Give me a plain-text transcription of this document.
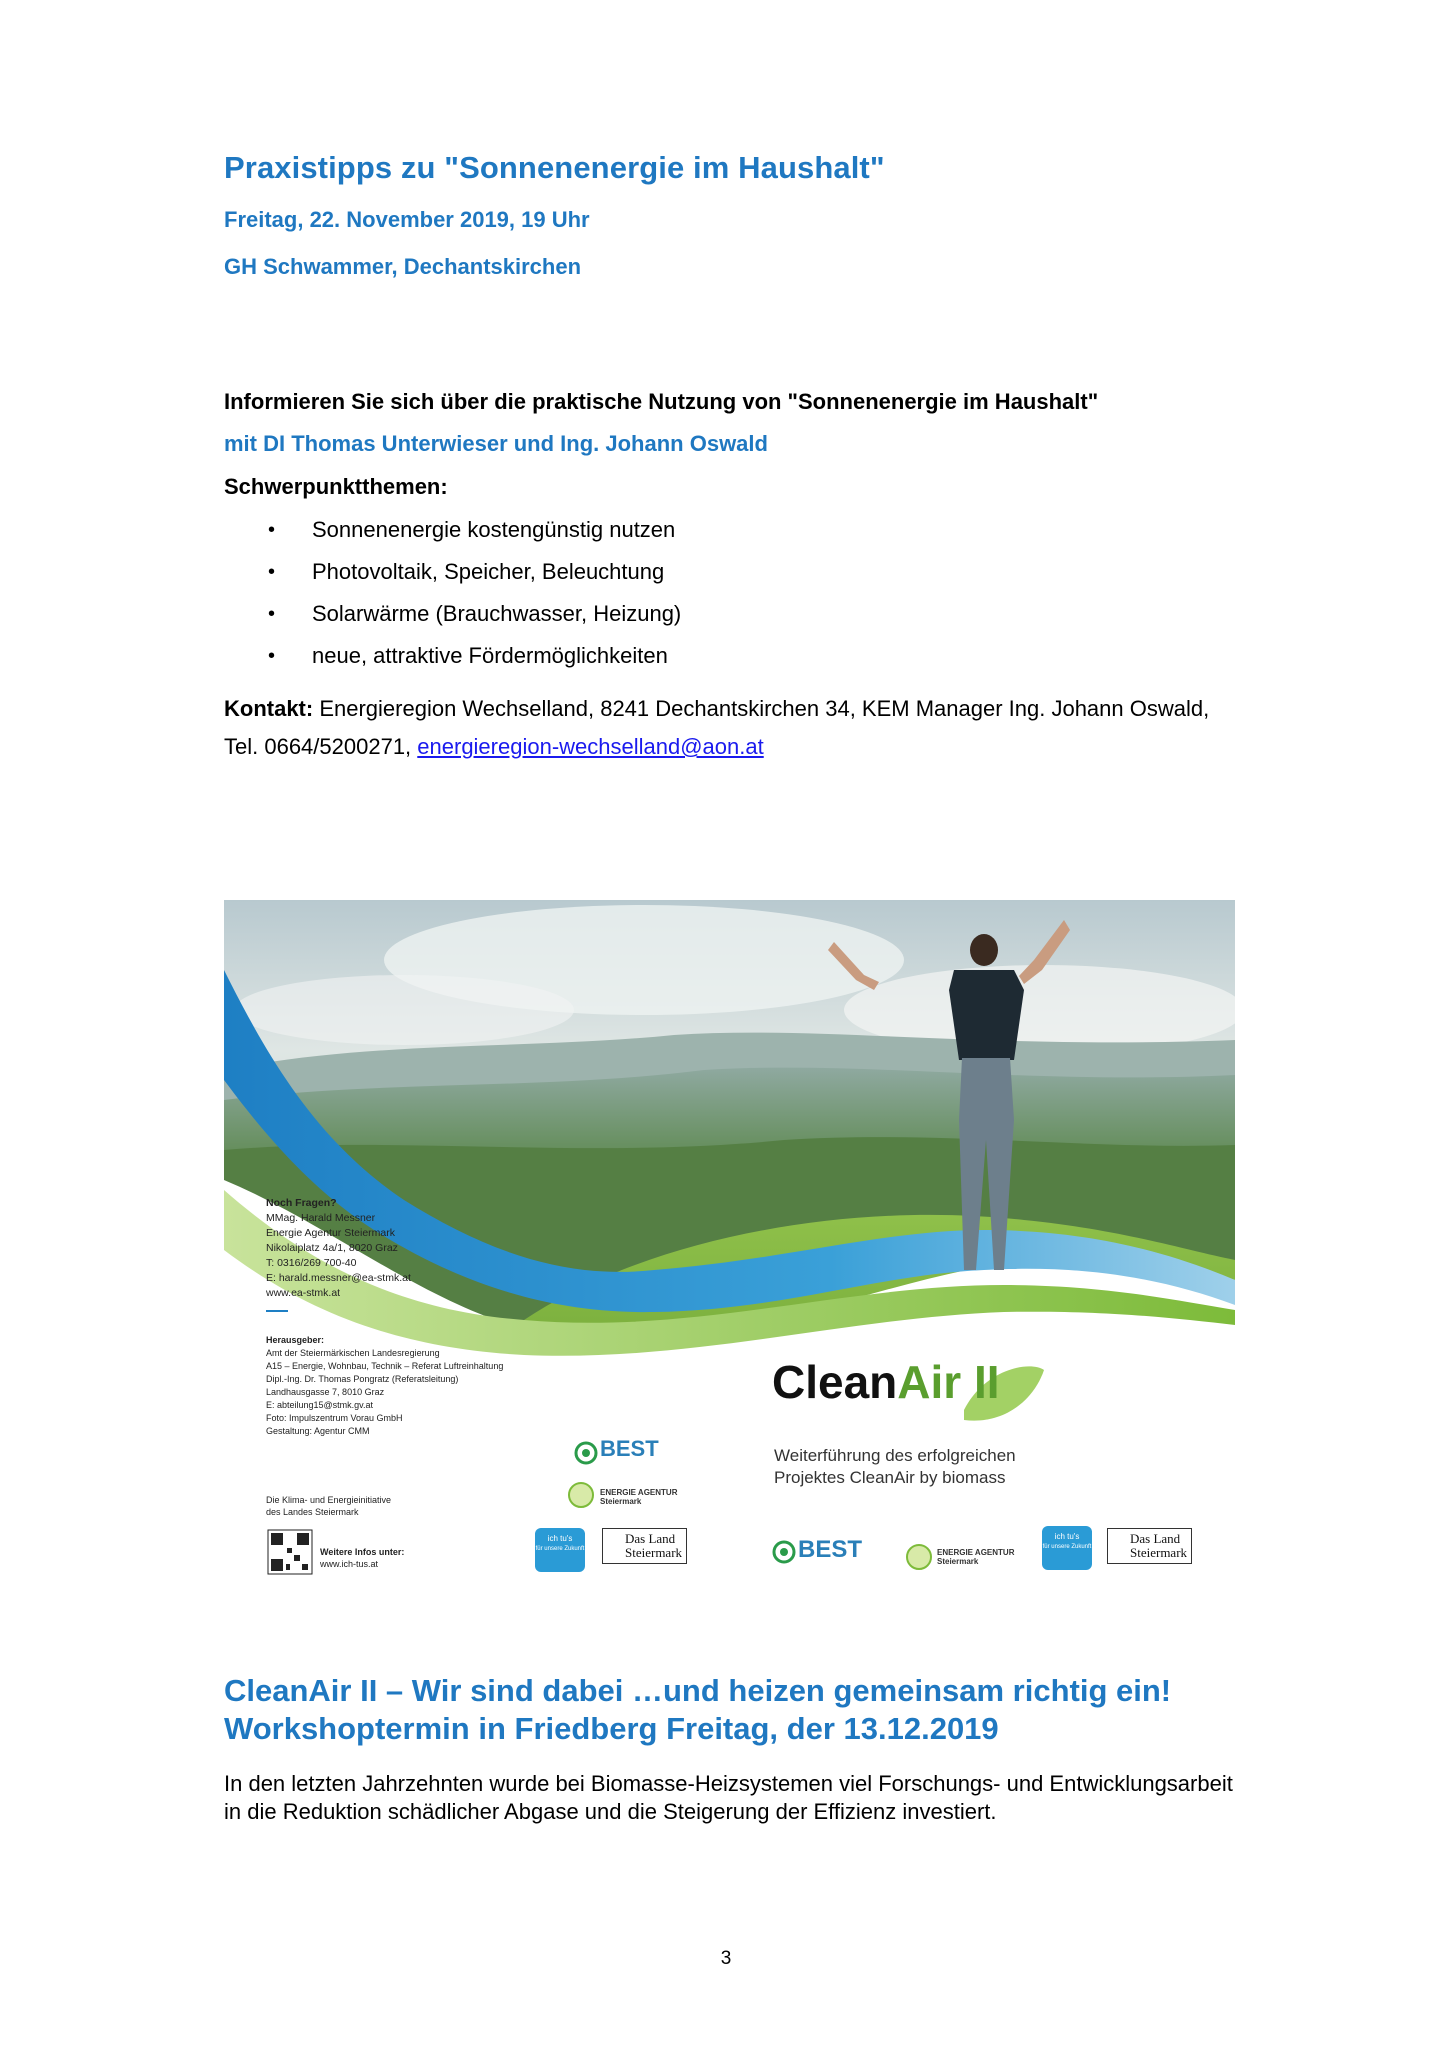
Praxistipps zu "Sonnenenergie im Haushalt"
Freitag, 22. November 2019, 19 Uhr
GH Schwammer, Dechantskirchen
Informieren Sie sich über die praktische Nutzung von "Sonnenenergie im Haushalt"
mit DI Thomas Unterwieser und Ing. Johann Oswald
Schwerpunktthemen:
• Sonnenenergie kostengünstig nutzen
• Photovoltaik, Speicher, Beleuchtung
• Solarwärme (Brauchwasser, Heizung)
• neue, attraktive Fördermöglichkeiten
Kontakt: Energieregion Wechselland, 8241 Dechantskirchen 34, KEM Manager Ing. Johann Oswald, Tel. 0664/5200271, energieregion-wechselland@aon.at
Noch Fragen?
MMag. Harald Messner
Energie Agentur Steiermark
Nikolaiplatz 4a/1, 8020 Graz
T: 0316/269 700-40
E: harald.messner@ea-stmk.at
www.ea-stmk.at
Herausgeber:
Amt der Steiermärkischen Landesregierung
A15 – Energie, Wohnbau, Technik – Referat Luftreinhaltung
Dipl.-Ing. Dr. Thomas Pongratz (Referatsleitung)
Landhausgasse 7, 8010 Graz
E: abteilung15@stmk.gv.at
Foto: Impulszentrum Vorau GmbH
Gestaltung: Agentur CMM
Die Klima- und Energieinitiative
des Landes Steiermark
Weitere Infos unter:
www.ich-tus.at
CleanAir II
Weiterführung des erfolgreichen
Projektes CleanAir by biomass
BEST
ENERGIE AGENTUR
Steiermark
ich tu's
für unsere Zukunft
Das Land
Steiermark	BEST	ENERGIE AGENTUR
Steiermark
ich tu's
für unsere Zukunft
Das Land
Steiermark
CleanAir II – Wir sind dabei …und heizen gemeinsam richtig ein! Workshoptermin in Friedberg Freitag, der 13.12.2019
In den letzten Jahrzehnten wurde bei Biomasse-Heizsystemen viel Forschungs- und Entwicklungsarbeit in die Reduktion schädlicher Abgase und die Steigerung der Effizienz investiert.
3
